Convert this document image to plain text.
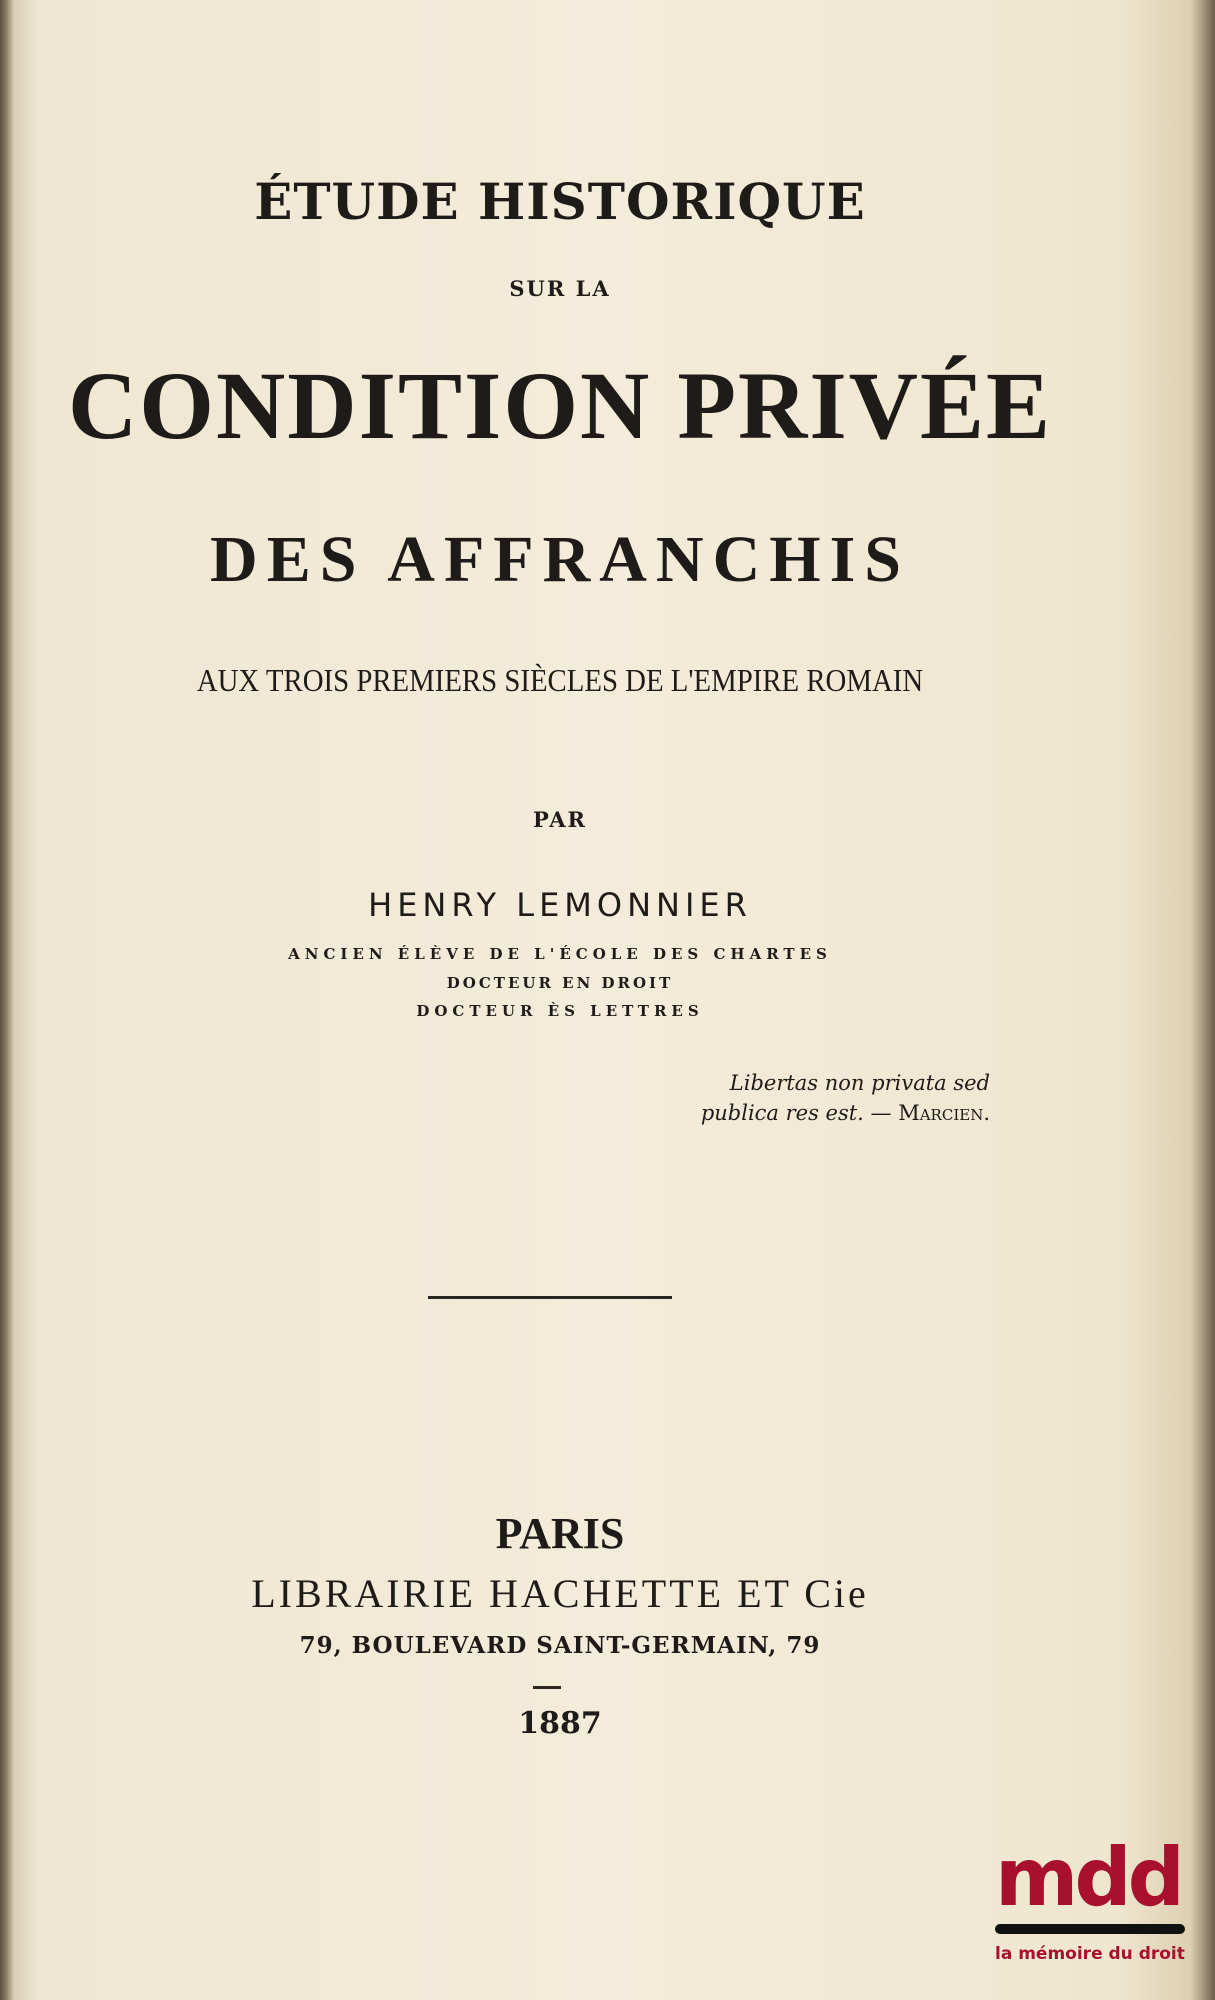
ÉTUDE HISTORIQUE
SUR LA
CONDITION PRIVÉE
DES AFFRANCHIS
AUX TROIS PREMIERS SIÈCLES DE L'EMPIRE ROMAIN
PAR
HENRY LEMONNIER
ANCIEN ÉLÈVE DE L'ÉCOLE DES CHARTES
DOCTEUR EN DROIT
DOCTEUR ÈS LETTRES
Libertas non privata sed
publica res est. — Marcien.
PARIS
LIBRAIRIE HACHETTE ET Cie
79, BOULEVARD SAINT-GERMAIN, 79
1887
mdd
la mémoire du droit
